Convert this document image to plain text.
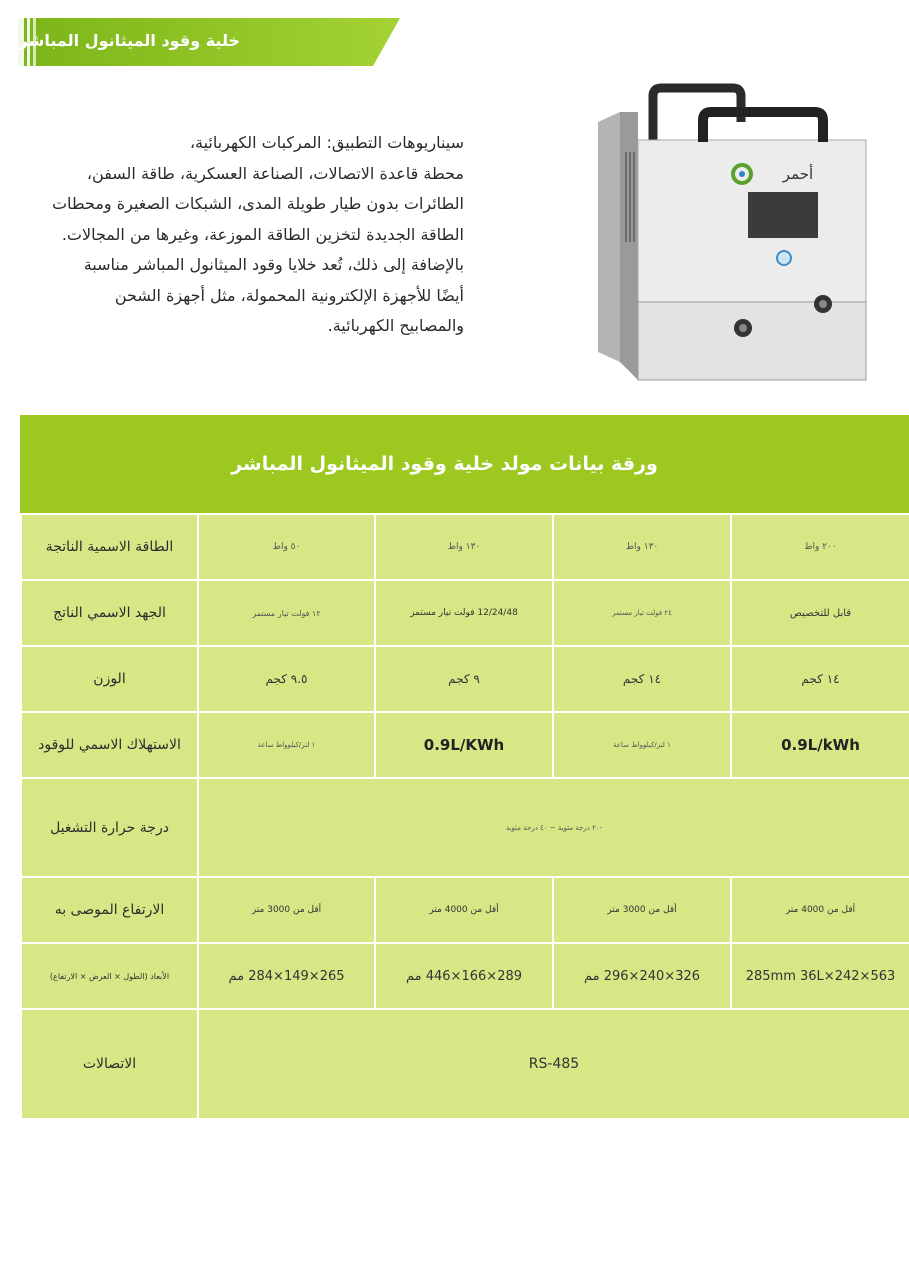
خلية وقود الميثانول المباشر

سيناريوهات التطبيق: المركبات الكهربائية،

محطة قاعدة الاتصالات، الصناعة العسكرية، طاقة السفن،

الطائرات بدون طيار طويلة المدى، الشبكات الصغيرة ومحطات

الطاقة الجديدة لتخزين الطاقة الموزعة، وغيرها من المجالات.

بالإضافة إلى ذلك، تُعد خلايا وقود الميثانول المباشر مناسبة

أيضًا للأجهزة الإلكترونية المحمولة، مثل أجهزة الشحن

والمصابيح الكهربائية.

أحمر
ورقة بيانات مولد خلية وقود الميثانول المباشر
الطاقة الاسمية الناتجة	٥٠ واط	١٣٠ واط	١٣٠ واط	٢٠٠ واط
الجهد الاسمي الناتج	١٢ فولت تيار مستمر	12/24/48 فولت تيار مستمر	٢٤ فولت تيار مستمر	قابل للتخصيص
الوزن	٩.٥ كجم	٩ كجم	١٤ كجم	١٤ كجم
الاستهلاك الاسمي للوقود	١ لتر/كيلوواط ساعة	0.9L/KWh	١ لتر/كيلوواط ساعة	0.9L/kWh
درجة حرارة التشغيل	-٢٠ درجة مئوية ~ ٤٠ درجة مئوية			
الارتفاع الموصى به	أقل من 3000 متر	أقل من 4000 متر	أقل من 3000 متر	أقل من 4000 متر
الأبعاد (الطول × العرض × الارتفاع)	265×149×284 مم	289×166×446 مم	326×240×296 مم	563×242×285mm 36L
الاتصالات	RS-485			
